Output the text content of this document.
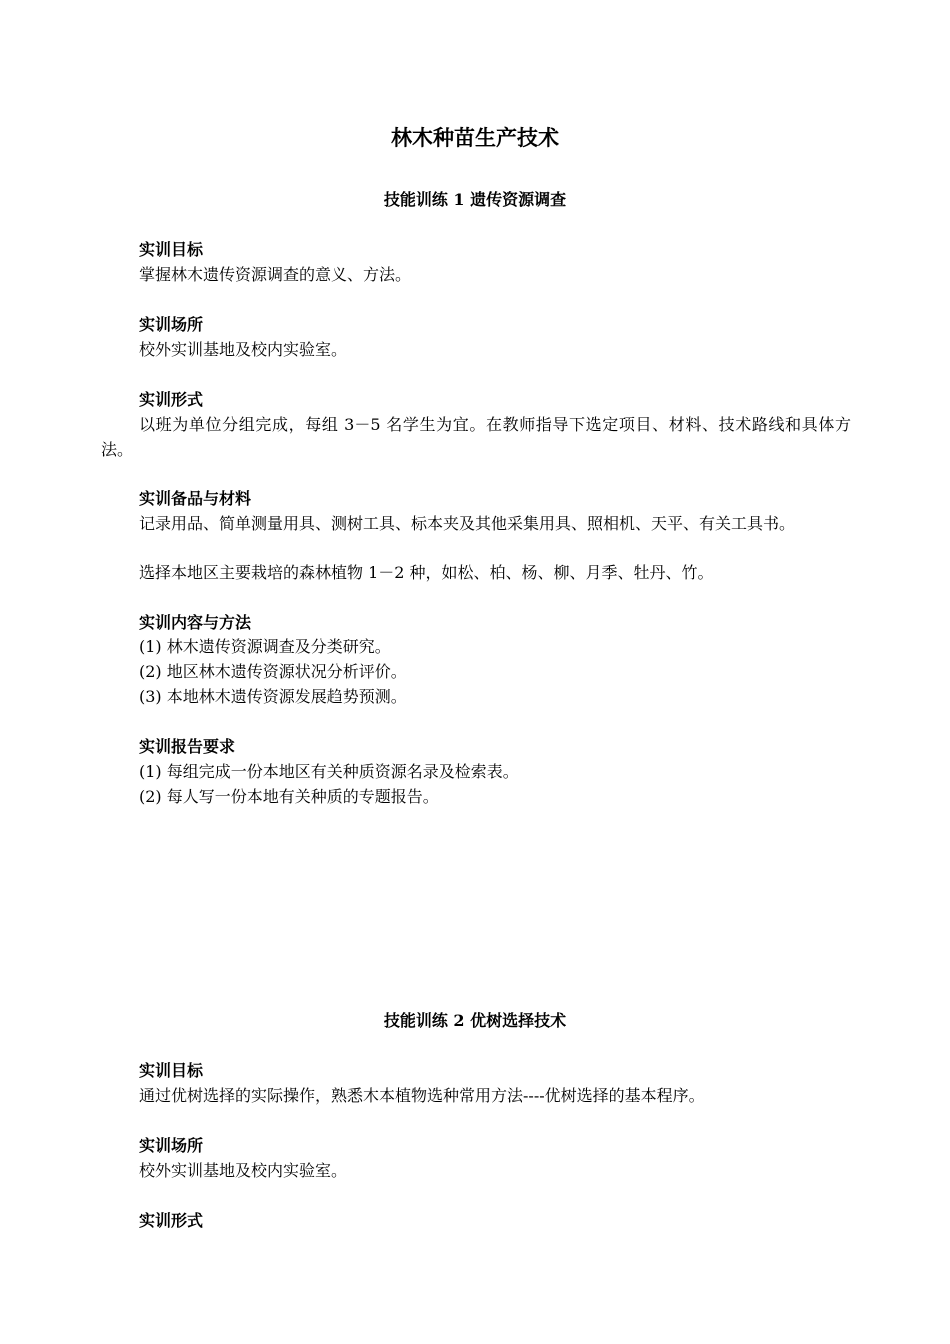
林木种苗生产技术
技能训练 1 遗传资源调查
实训目标
掌握林木遗传资源调查的意义、方法。
实训场所
校外实训基地及校内实验室。
实训形式
以班为单位分组完成，每组 3－5 名学生为宜。在教师指导下选定项目、材料、技术路线和具体方法。
实训备品与材料
记录用品、简单测量用具、测树工具、标本夹及其他采集用具、照相机、天平、有关工具书。
选择本地区主要栽培的森林植物 1－2 种，如松、柏、杨、柳、月季、牡丹、竹。
实训内容与方法
(1) 林木遗传资源调查及分类研究。
(2) 地区林木遗传资源状况分析评价。
(3) 本地林木遗传资源发展趋势预测。
实训报告要求
(1) 每组完成一份本地区有关种质资源名录及检索表。
(2) 每人写一份本地有关种质的专题报告。
技能训练 2 优树选择技术
实训目标
通过优树选择的实际操作，熟悉木本植物选种常用方法----优树选择的基本程序。
实训场所
校外实训基地及校内实验室。
实训形式
